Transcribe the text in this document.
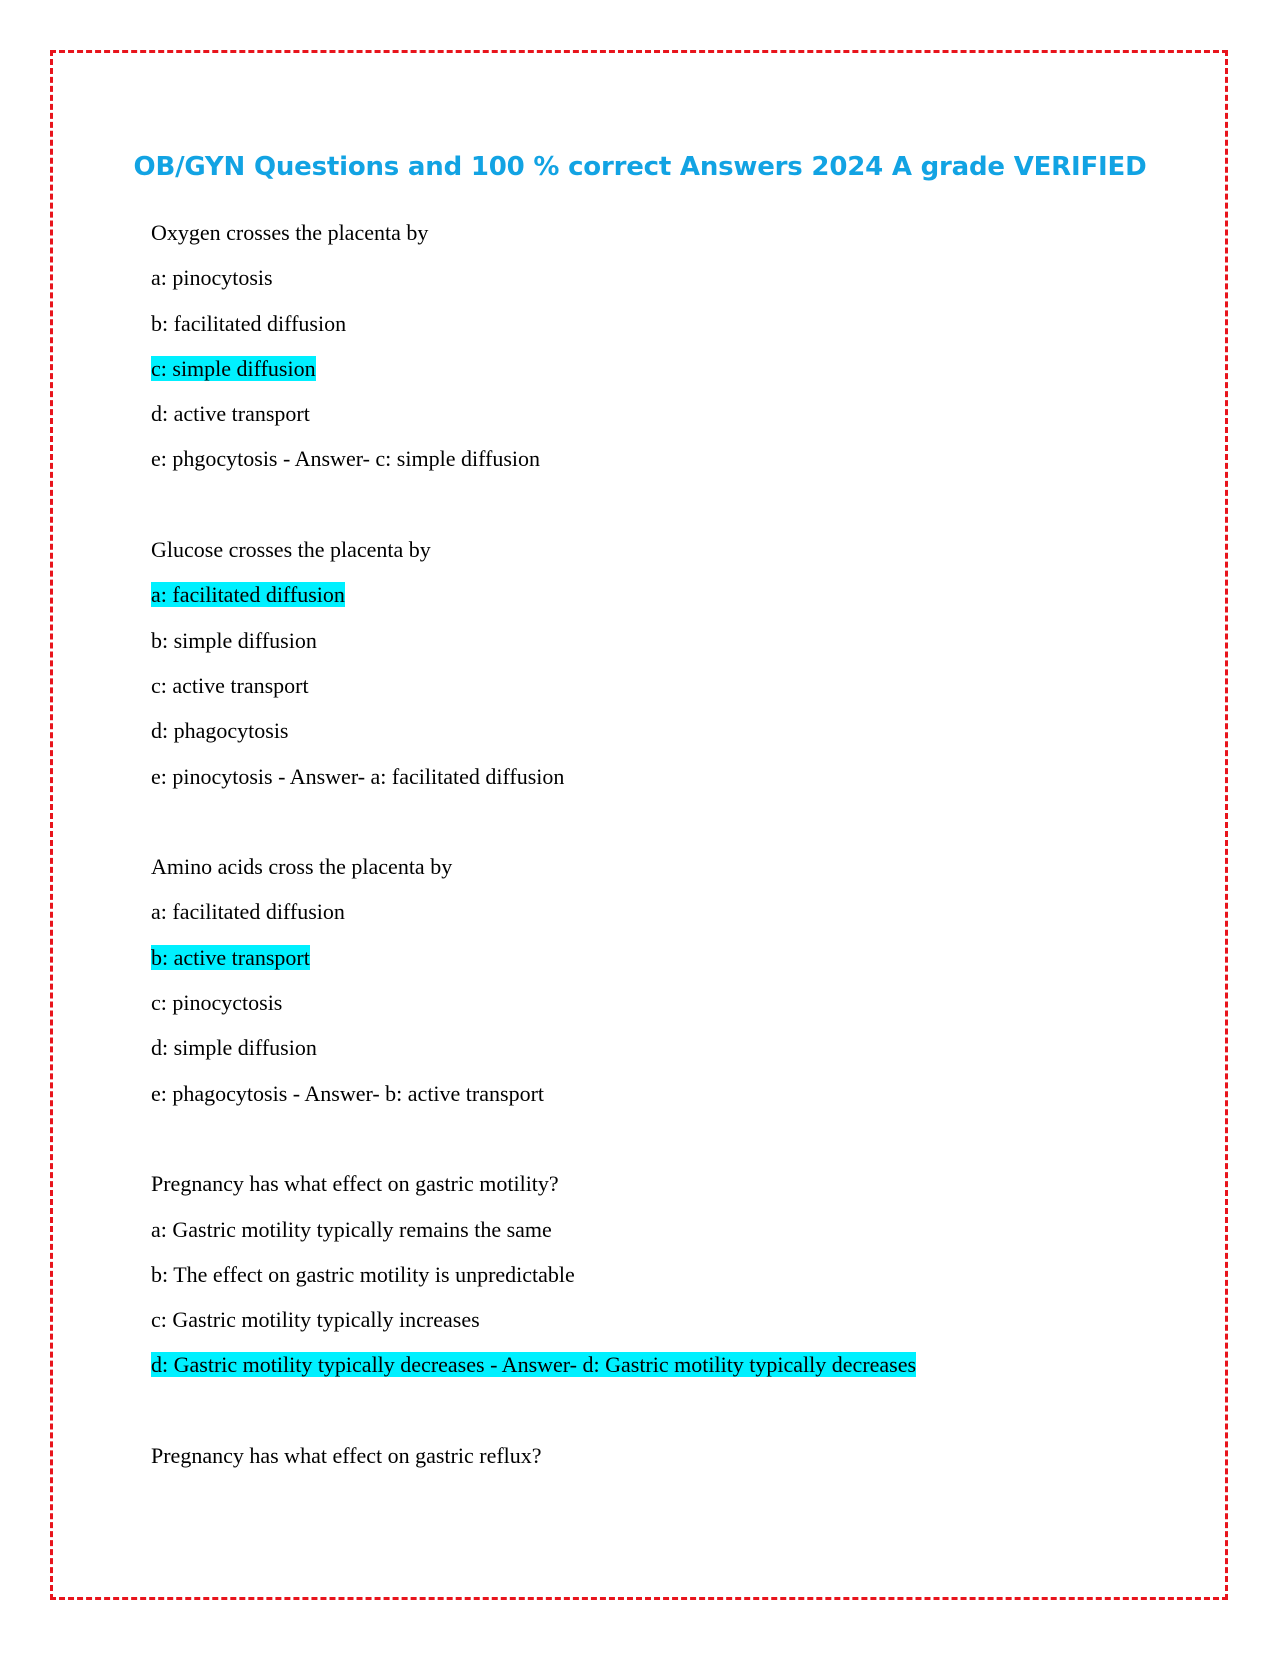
OB/GYN Questions and 100 % correct Answers 2024 A grade VERIFIED
Oxygen crosses the placenta by
a: pinocytosis
b: facilitated diffusion
c: simple diffusion
d: active transport
e: phgocytosis - Answer- c: simple diffusion
Glucose crosses the placenta by
a: facilitated diffusion
b: simple diffusion
c: active transport
d: phagocytosis
e: pinocytosis - Answer- a: facilitated diffusion
Amino acids cross the placenta by
a: facilitated diffusion
b: active transport
c: pinocyctosis
d: simple diffusion
e: phagocytosis - Answer- b: active transport
Pregnancy has what effect on gastric motility?
a: Gastric motility typically remains the same
b: The effect on gastric motility is unpredictable
c: Gastric motility typically increases
d: Gastric motility typically decreases - Answer- d: Gastric motility typically decreases
Pregnancy has what effect on gastric reflux?
